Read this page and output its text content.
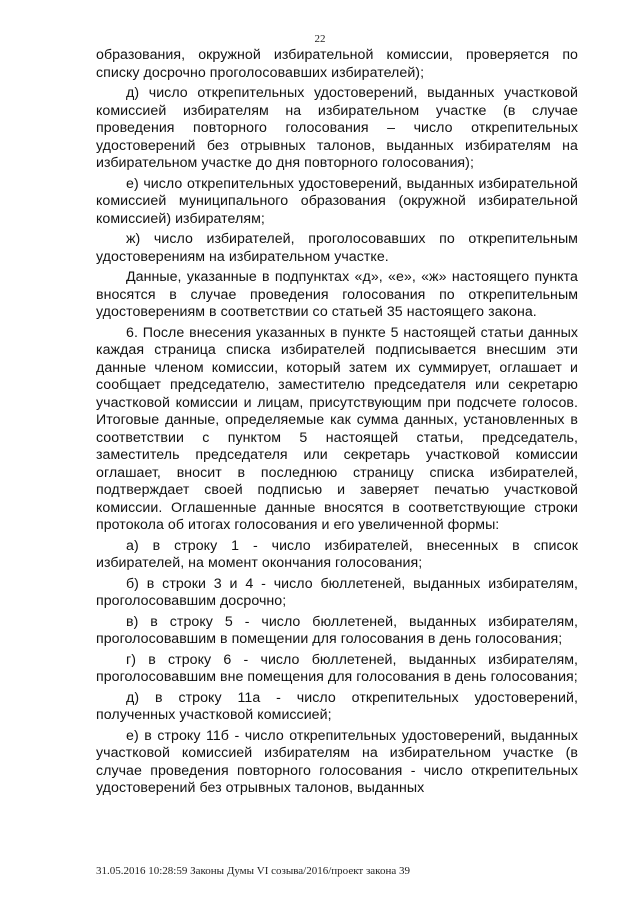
22

образования, окружной избирательной комиссии, проверяется по списку досрочно проголосовавших избирателей);

д) число открепительных удостоверений, выданных участковой комиссией избирателям на избирательном участке (в случае проведения повторного голосования – число открепительных удостоверений без отрывных талонов, выданных избирателям на избирательном участке до дня повторного голосования);

е) число открепительных удостоверений, выданных избирательной комиссией муниципального образования (окружной избирательной комиссией) избирателям;

ж) число избирателей, проголосовавших по открепительным удостоверениям на избирательном участке.

Данные, указанные в подпунктах «д», «е», «ж» настоящего пункта вносятся в случае проведения голосования по открепительным удостоверениям в соответствии со статьей 35 настоящего закона.

6. После внесения указанных в пункте 5 настоящей статьи данных каждая страница списка избирателей подписывается внесшим эти данные членом комиссии, который затем их суммирует, оглашает и сообщает председателю, заместителю председателя или секретарю участковой комиссии и лицам, присутствующим при подсчете голосов. Итоговые данные, определяемые как сумма данных, установленных в соответствии с пунктом 5 настоящей статьи, председатель, заместитель председателя или секретарь участковой комиссии оглашает, вносит в последнюю страницу списка избирателей, подтверждает своей подписью и заверяет печатью участковой комиссии. Оглашенные данные вносятся в соответствующие строки протокола об итогах голосования и его увеличенной формы:

а) в строку 1 - число избирателей, внесенных в список избирателей, на момент окончания голосования;

б) в строки 3 и 4 - число бюллетеней, выданных избирателям, проголосовавшим досрочно;

в) в строку 5 - число бюллетеней, выданных избирателям, проголосовавшим в помещении для голосования в день голосования;

г) в строку 6 - число бюллетеней, выданных избирателям, проголосовавшим вне помещения для голосования в день голосования;

д) в строку 11а - число открепительных удостоверений, полученных участковой комиссией;

е) в строку 11б - число открепительных удостоверений, выданных участковой комиссией избирателям на избирательном участке (в случае проведения повторного голосования - число открепительных удостоверений без отрывных талонов, выданных

31.05.2016 10:28:59 Законы Думы VI созыва/2016/проект закона 39
